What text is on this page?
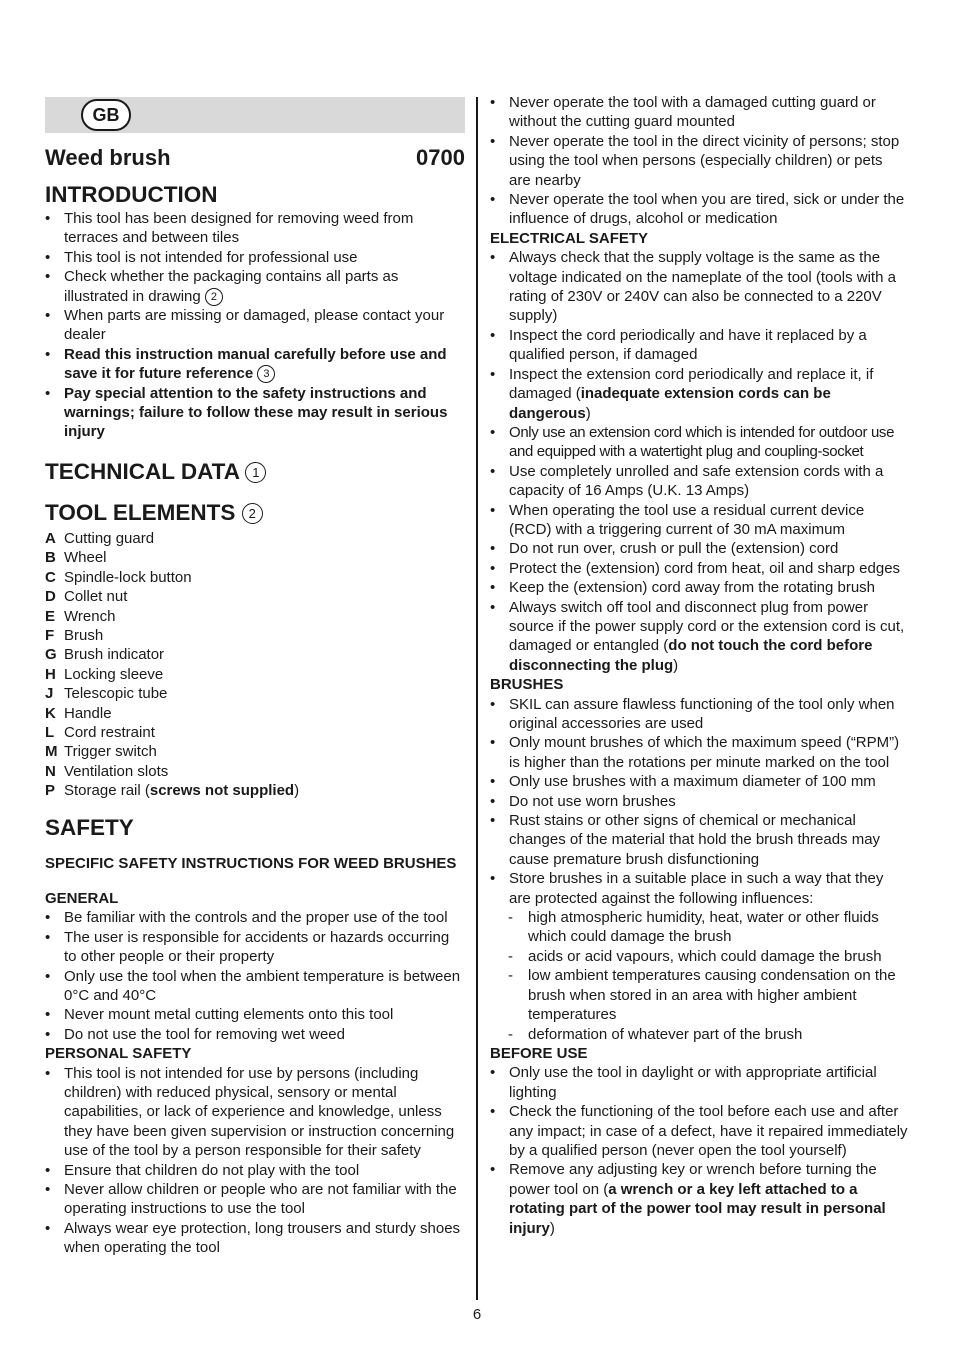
GB
Weed brush	0700
INTRODUCTION
• This tool has been designed for removing weed from terraces and between tiles
• This tool is not intended for professional use
• Check whether the packaging contains all parts as illustrated in drawing 2
• When parts are missing or damaged, please contact your dealer
• Read this instruction manual carefully before use and save it for future reference 3
• Pay special attention to the safety instructions and warnings; failure to follow these may result in serious injury
TECHNICAL DATA 1
TOOL ELEMENTS 2
A Cutting guard
B Wheel
C Spindle-lock button
D Collet nut
E Wrench
F Brush
G Brush indicator
H Locking sleeve
J Telescopic tube
K Handle
L Cord restraint
M Trigger switch
N Ventilation slots
P Storage rail (screws not supplied)
SAFETY
SPECIFIC SAFETY INSTRUCTIONS FOR WEED BRUSHES
GENERAL
• Be familiar with the controls and the proper use of the tool
• The user is responsible for accidents or hazards occurring to other people or their property
• Only use the tool when the ambient temperature is between 0°C and 40°C
• Never mount metal cutting elements onto this tool
• Do not use the tool for removing wet weed
PERSONAL SAFETY
• This tool is not intended for use by persons (including children) with reduced physical, sensory or mental capabilities, or lack of experience and knowledge, unless they have been given supervision or instruction concerning use of the tool by a person responsible for their safety
• Ensure that children do not play with the tool
• Never allow children or people who are not familiar with the operating instructions to use the tool
• Always wear eye protection, long trousers and sturdy shoes when operating the tool
• Never operate the tool with a damaged cutting guard or without the cutting guard mounted
• Never operate the tool in the direct vicinity of persons; stop using the tool when persons (especially children) or pets are nearby
• Never operate the tool when you are tired, sick or under the influence of drugs, alcohol or medication
ELECTRICAL SAFETY
• Always check that the supply voltage is the same as the voltage indicated on the nameplate of the tool (tools with a rating of 230V or 240V can also be connected to a 220V supply)
• Inspect the cord periodically and have it replaced by a qualified person, if damaged
• Inspect the extension cord periodically and replace it, if damaged (inadequate extension cords can be dangerous)
• Only use an extension cord which is intended for outdoor use and equipped with a watertight plug and coupling-socket
• Use completely unrolled and safe extension cords with a capacity of 16 Amps (U.K. 13 Amps)
• When operating the tool use a residual current device (RCD) with a triggering current of 30 mA maximum
• Do not run over, crush or pull the (extension) cord
• Protect the (extension) cord from heat, oil and sharp edges
• Keep the (extension) cord away from the rotating brush
• Always switch off tool and disconnect plug from power source if the power supply cord or the extension cord is cut, damaged or entangled (do not touch the cord before disconnecting the plug)
BRUSHES
• SKIL can assure flawless functioning of the tool only when original accessories are used
• Only mount brushes of which the maximum speed (“RPM”) is higher than the rotations per minute marked on the tool
• Only use brushes with a maximum diameter of 100 mm
• Do not use worn brushes
• Rust stains or other signs of chemical or mechanical changes of the material that hold the brush threads may cause premature brush disfunctioning
• Store brushes in a suitable place in such a way that they are protected against the following influences:
- high atmospheric humidity, heat, water or other fluids which could damage the brush
- acids or acid vapours, which could damage the brush
- low ambient temperatures causing condensation on the brush when stored in an area with higher ambient temperatures
- deformation of whatever part of the brush
BEFORE USE
• Only use the tool in daylight or with appropriate artificial lighting
• Check the functioning of the tool before each use and after any impact; in case of a defect, have it repaired immediately by a qualified person (never open the tool yourself)
• Remove any adjusting key or wrench before turning the power tool on (a wrench or a key left attached to a rotating part of the power tool may result in personal injury)
6
